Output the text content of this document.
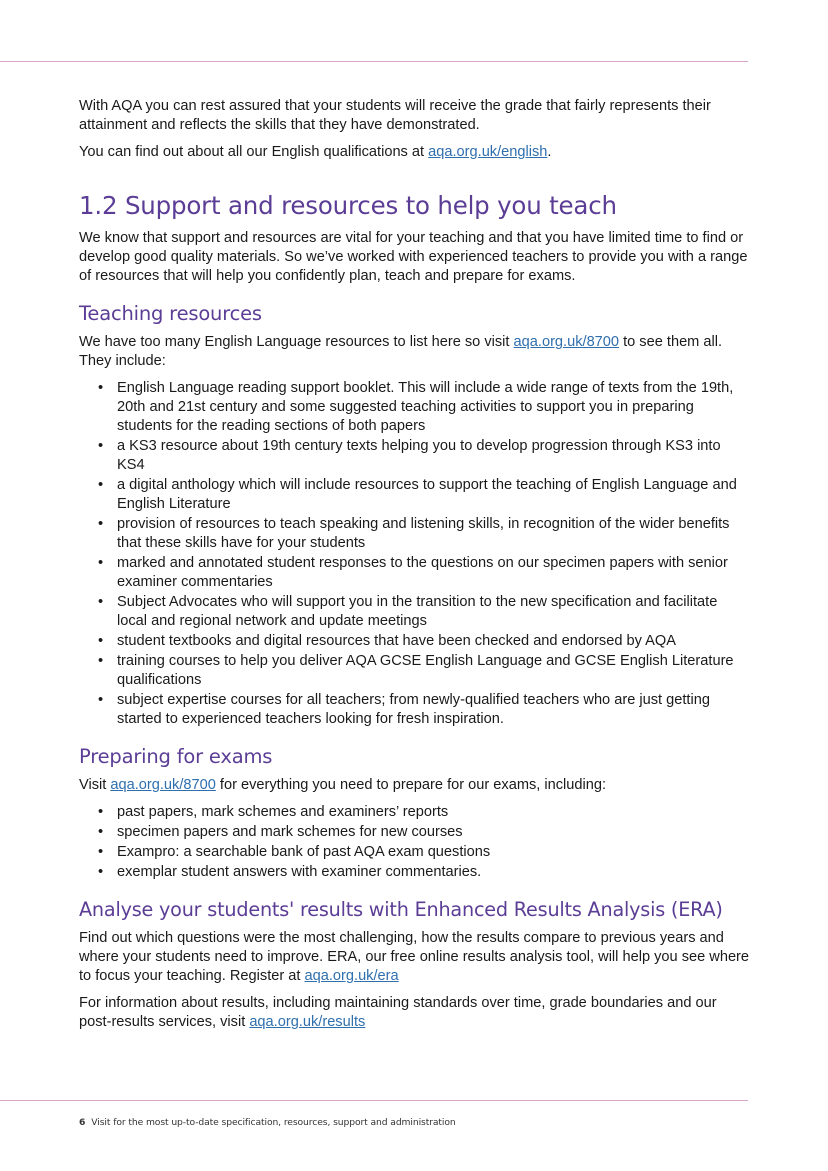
With AQA you can rest assured that your students will receive the grade that fairly represents their attainment and reflects the skills that they have demonstrated.

You can find out about all our English qualifications at aqa.org.uk/english.

1.2 Support and resources to help you teach

We know that support and resources are vital for your teaching and that you have limited time to find or develop good quality materials. So we’ve worked with experienced teachers to provide you with a range of resources that will help you confidently plan, teach and prepare for exams.

Teaching resources

We have too many English Language resources to list here so visit aqa.org.uk/8700 to see them all. They include:

• English Language reading support booklet. This will include a wide range of texts from the 19th, 20th and 21st century and some suggested teaching activities to support you in preparing students for the reading sections of both papers
• a KS3 resource about 19th century texts helping you to develop progression through KS3 into KS4
• a digital anthology which will include resources to support the teaching of English Language and English Literature
• provision of resources to teach speaking and listening skills, in recognition of the wider benefits that these skills have for your students
• marked and annotated student responses to the questions on our specimen papers with senior examiner commentaries
• Subject Advocates who will support you in the transition to the new specification and facilitate local and regional network and update meetings
• student textbooks and digital resources that have been checked and endorsed by AQA
• training courses to help you deliver AQA GCSE English Language and GCSE English Literature qualifications
• subject expertise courses for all teachers; from newly-qualified teachers who are just getting started to experienced teachers looking for fresh inspiration.
Preparing for exams

Visit aqa.org.uk/8700 for everything you need to prepare for our exams, including:

• past papers, mark schemes and examiners’ reports
• specimen papers and mark schemes for new courses
• Exampro: a searchable bank of past AQA exam questions
• exemplar student answers with examiner commentaries.
Analyse your students' results with Enhanced Results Analysis (ERA)

Find out which questions were the most challenging, how the results compare to previous years and where your students need to improve. ERA, our free online results analysis tool, will help you see where to focus your teaching. Register at aqa.org.uk/era

For information about results, including maintaining standards over time, grade boundaries and our post-results services, visit aqa.org.uk/results

6 Visit for the most up-to-date specification, resources, support and administration
